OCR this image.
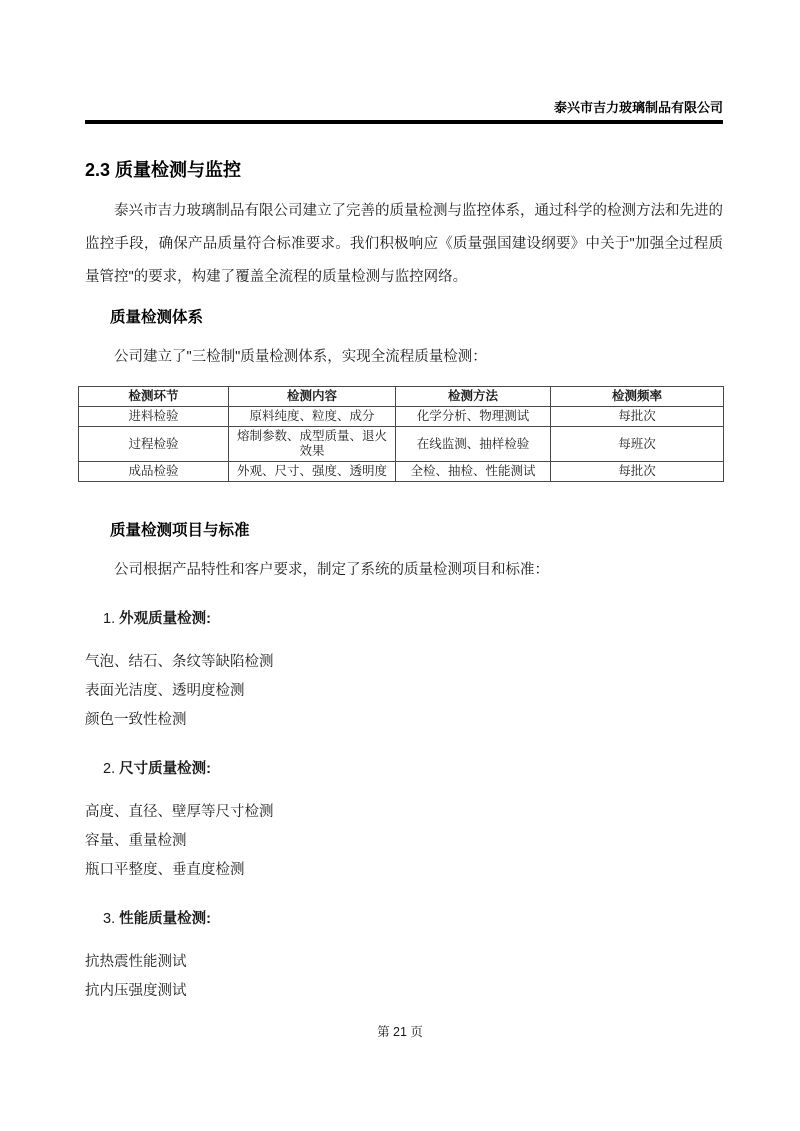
泰兴市吉力玻璃制品有限公司
2.3 质量检测与监控

泰兴市吉力玻璃制品有限公司建立了完善的质量检测与监控体系，通过科学的检测方法和先进的监控手段，确保产品质量符合标准要求。我们积极响应《质量强国建设纲要》中关于"加强全过程质量管控"的要求，构建了覆盖全流程的质量检测与监控网络。

质量检测体系

公司建立了"三检制"质量检测体系，实现全流程质量检测：

检测环节	检测内容	检测方法	检测频率
进料检验	原料纯度、粒度、成分	化学分析、物理测试	每批次
过程检验	熔制参数、成型质量、退火效果	在线监测、抽样检验	每班次
成品检验	外观、尺寸、强度、透明度	全检、抽检、性能测试	每批次
质量检测项目与标准

公司根据产品特性和客户要求，制定了系统的质量检测项目和标准：

1. 外观质量检测:

气泡、结石、条纹等缺陷检测

表面光洁度、透明度检测

颜色一致性检测

2. 尺寸质量检测:

高度、直径、壁厚等尺寸检测

容量、重量检测

瓶口平整度、垂直度检测

3. 性能质量检测:

抗热震性能测试

抗内压强度测试

第 21 页
